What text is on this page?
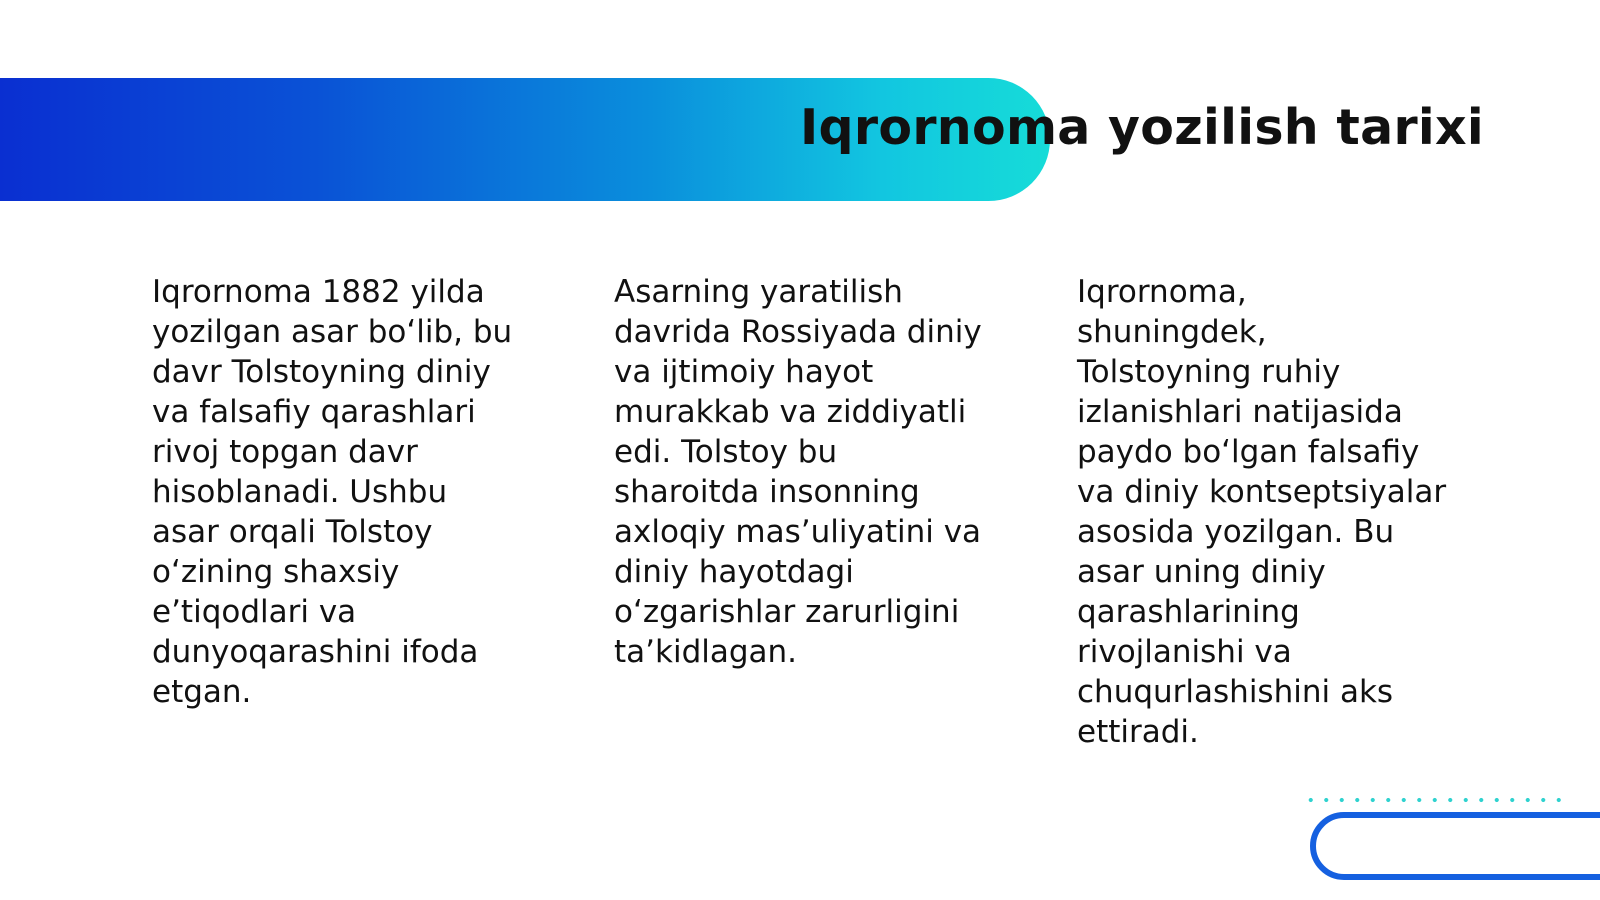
Iqrornoma yozilish tarixi

Iqrornoma 1882 yilda
yozilgan asar bo‘lib, bu
davr Tolstoyning diniy
va falsafiy qarashlari
rivoj topgan davr
hisoblanadi. Ushbu
asar orqali Tolstoy
o‘zining shaxsiy
e’tiqodlari va
dunyoqarashini ifoda
etgan.

Asarning yaratilish
davrida Rossiyada diniy
va ijtimoiy hayot
murakkab va ziddiyatli
edi. Tolstoy bu
sharoitda insonning
axloqiy mas’uliyatini va
diniy hayotdagi
o‘zgarishlar zarurligini
ta’kidlagan.

Iqrornoma,
shuningdek,
Tolstoyning ruhiy
izlanishlari natijasida
paydo bo‘lgan falsafiy
va diniy kontseptsiyalar
asosida yozilgan. Bu
asar uning diniy
qarashlarining
rivojlanishi va
chuqurlashishini aks
ettiradi.
